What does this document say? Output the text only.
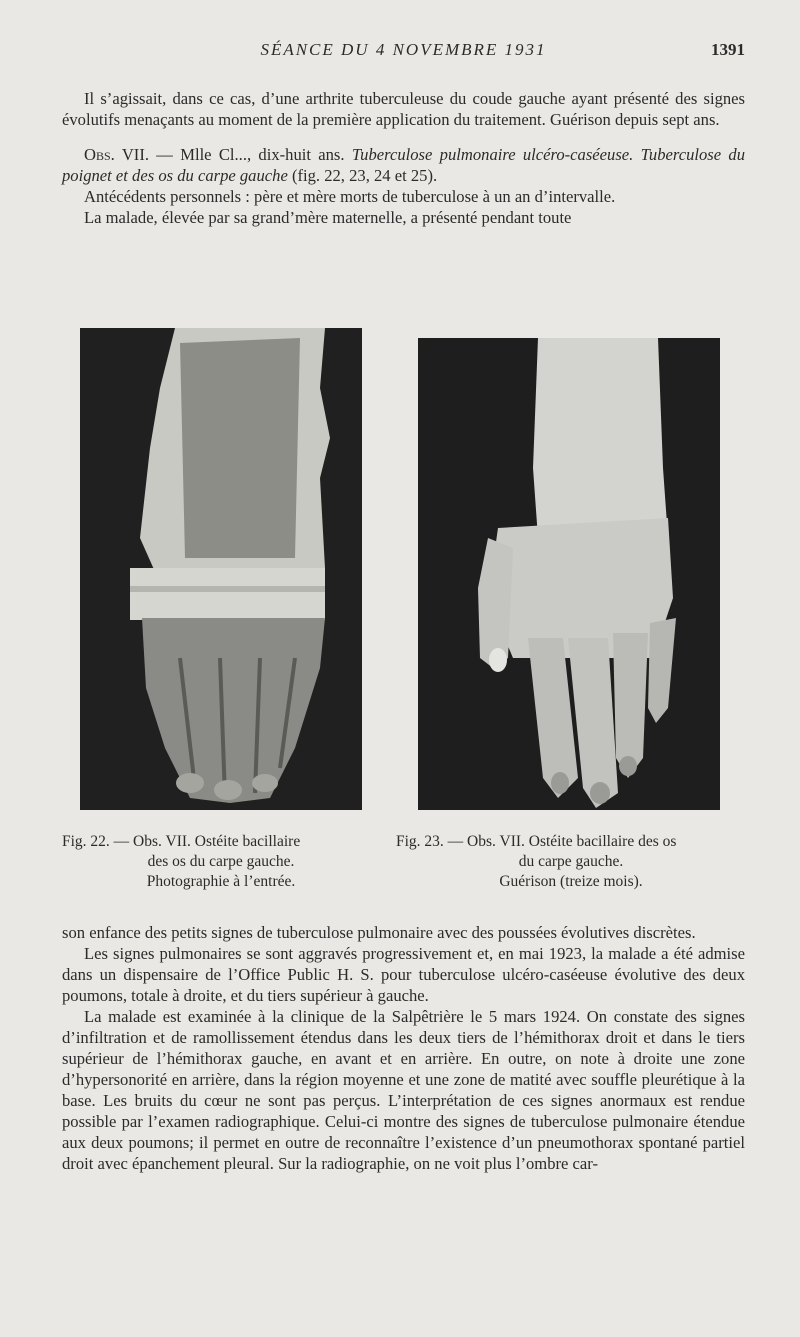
SÉANCE DU 4 NOVEMBRE 1931	1391

Il s’agissait, dans ce cas, d’une arthrite tuberculeuse du coude gauche ayant présenté des signes évolutifs menaçants au moment de la première application du traitement. Guérison depuis sept ans.

Obs. VII. — Mlle Cl..., dix-huit ans. Tuberculose pulmonaire ulcéro-caséeuse. Tuberculose du poignet et des os du carpe gauche (fig. 22, 23, 24 et 25).

Antécédents personnels : père et mère morts de tuberculose à un an d’intervalle.

La malade, élevée par sa grand’mère maternelle, a présenté pendant toute

Fig. 22. — Obs. VII. Ostéite bacillaire
des os du carpe gauche.
Photographie à l’entrée.
Fig. 23. — Obs. VII. Ostéite bacillaire des os
du carpe gauche.
Guérison (treize mois).

son enfance des petits signes de tuberculose pulmonaire avec des poussées évolutives discrètes.

Les signes pulmonaires se sont aggravés progressivement et, en mai 1923, la malade a été admise dans un dispensaire de l’Office Public H. S. pour tuberculose ulcéro-caséeuse évolutive des deux poumons, totale à droite, et du tiers supérieur à gauche.

La malade est examinée à la clinique de la Salpêtrière le 5 mars 1924. On constate des signes d’infiltration et de ramollissement étendus dans les deux tiers de l’hémithorax droit et dans le tiers supérieur de l’hémithorax gauche, en avant et en arrière. En outre, on note à droite une zone d’hypersonorité en arrière, dans la région moyenne et une zone de matité avec souffle pleurétique à la base. Les bruits du cœur ne sont pas perçus. L’interprétation de ces signes anormaux est rendue possible par l’examen radiographique. Celui-ci montre des signes de tuberculose pulmonaire étendue aux deux poumons; il permet en outre de reconnaître l’existence d’un pneumothorax spontané partiel droit avec épanchement pleural. Sur la radiographie, on ne voit plus l’ombre car-
